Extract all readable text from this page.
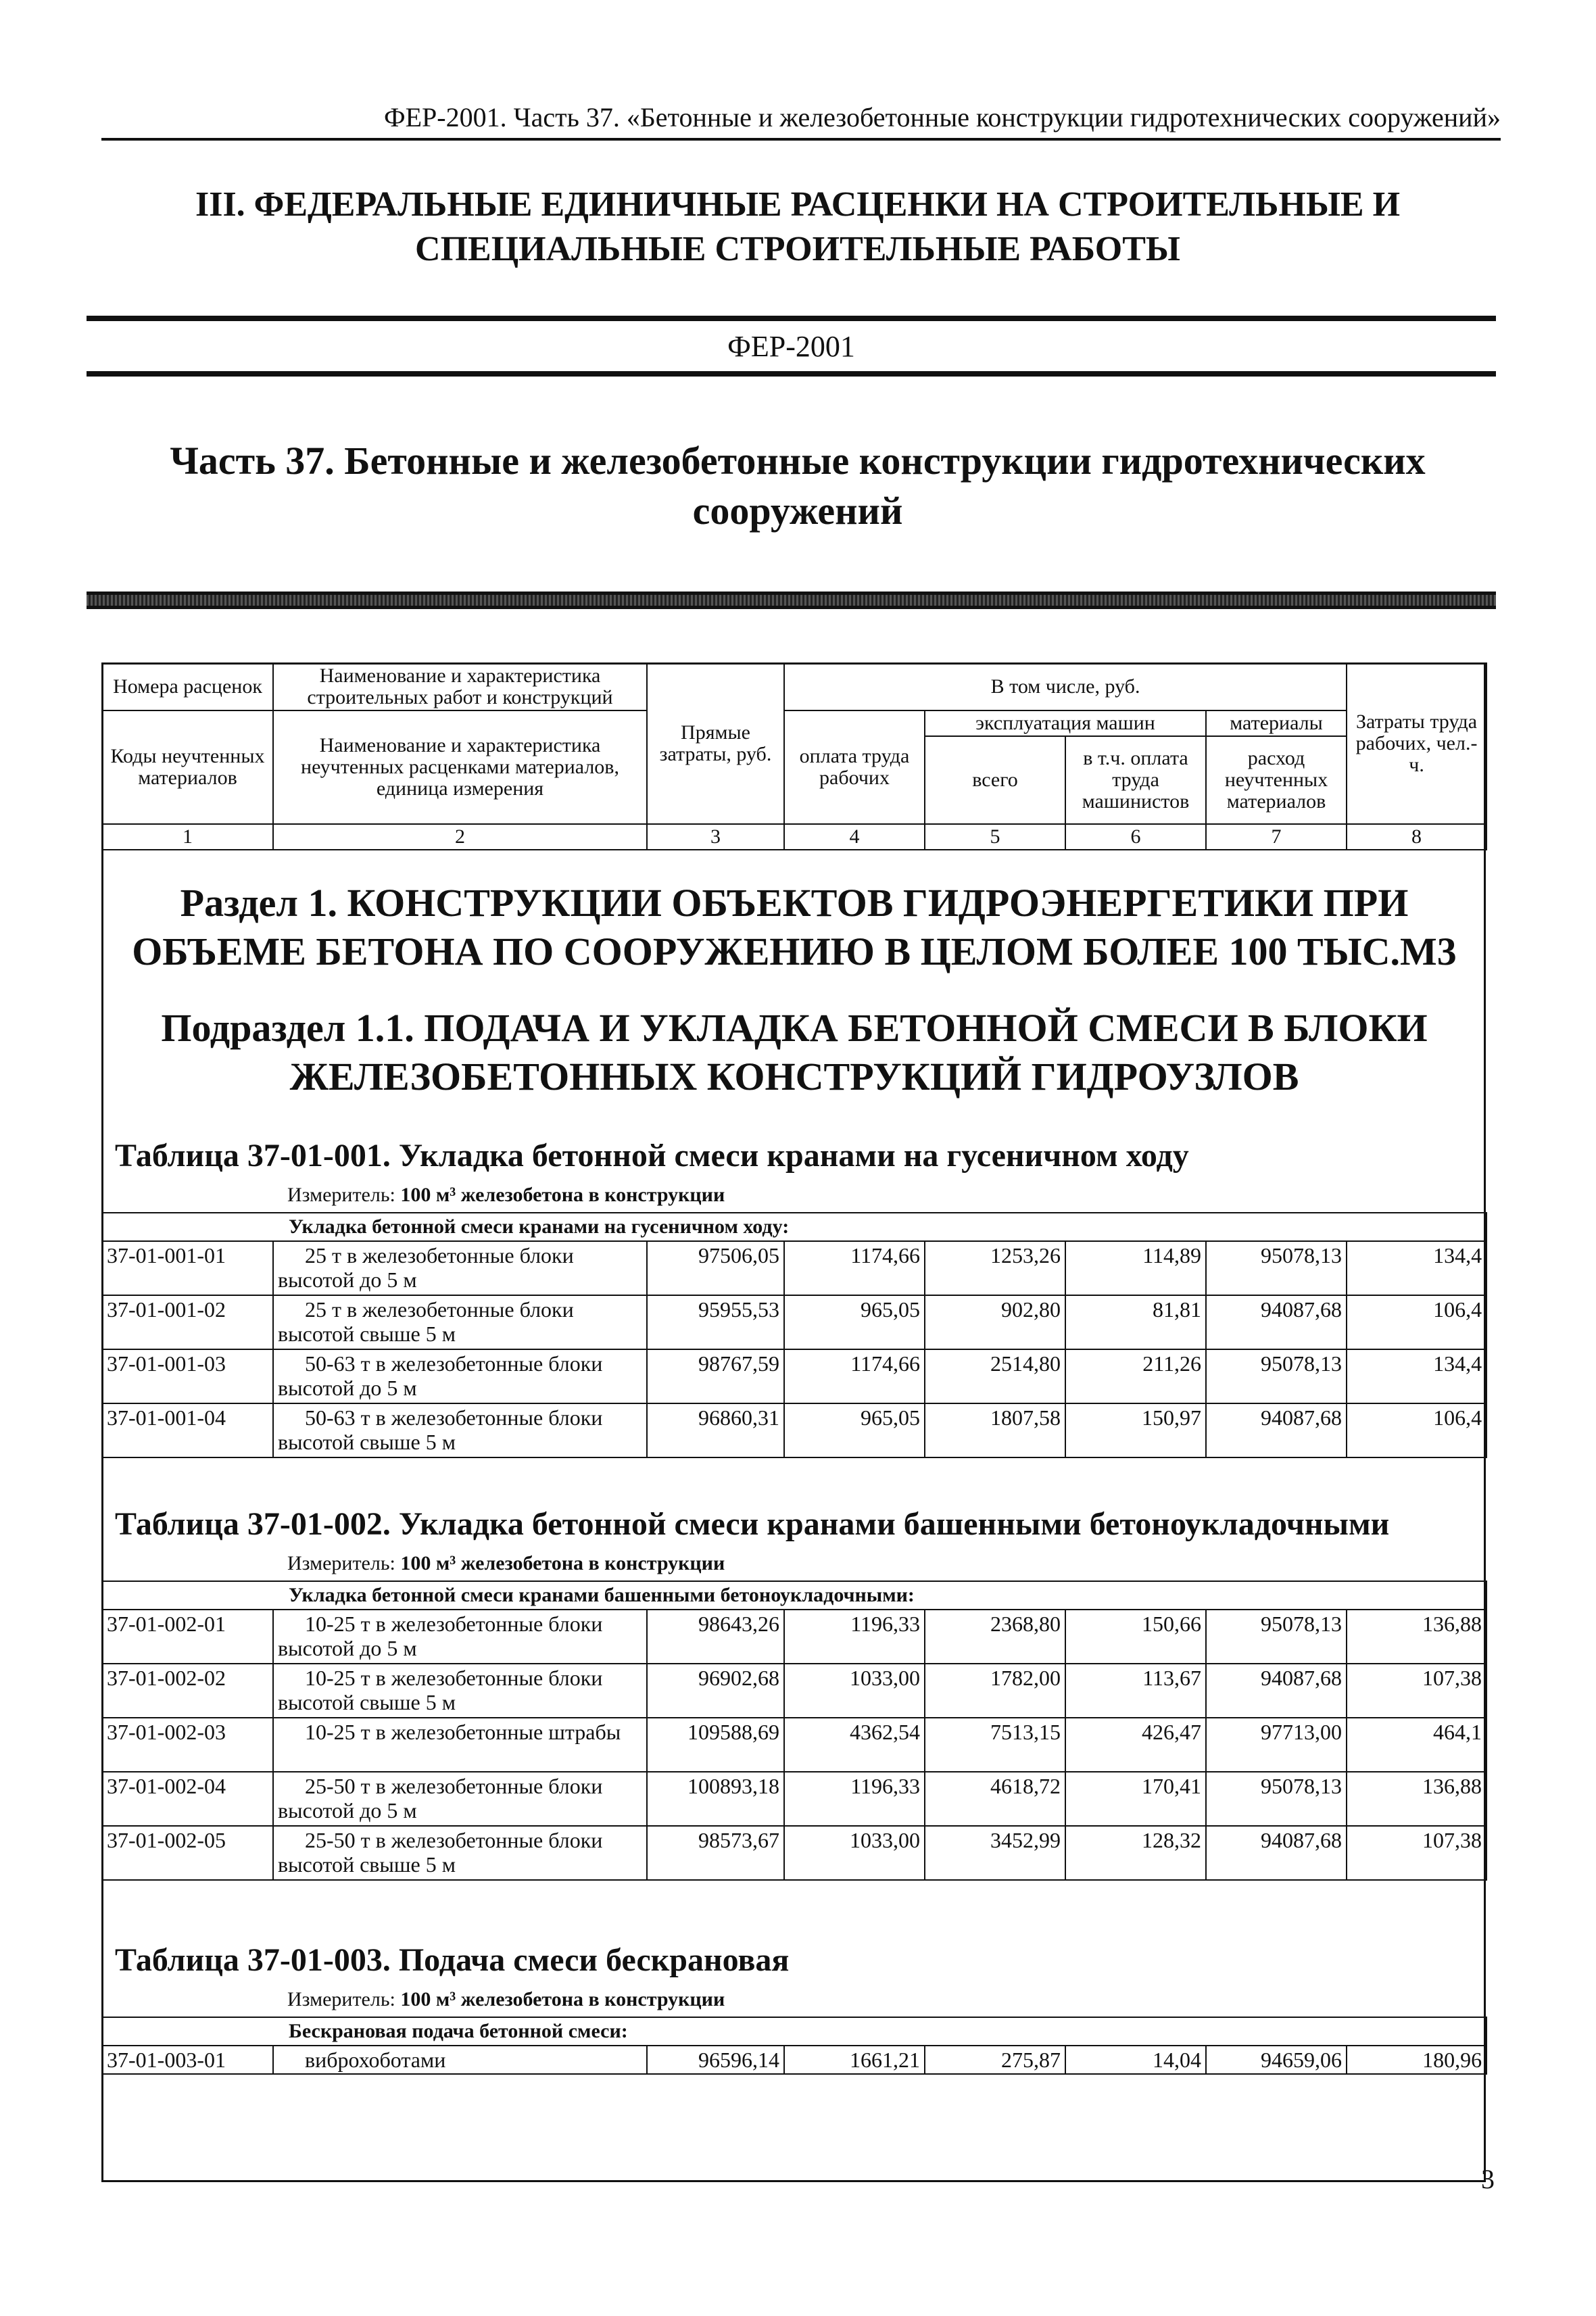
ФЕР-2001. Часть 37. «Бетонные и железобетонные конструкции гидротехнических сооружений»
III. ФЕДЕРАЛЬНЫЕ ЕДИНИЧНЫЕ РАСЦЕНКИ НА СТРОИТЕЛЬНЫЕ И
СПЕЦИАЛЬНЫЕ СТРОИТЕЛЬНЫЕ РАБОТЫ
ФЕР-2001
Часть 37. Бетонные и железобетонные конструкции гидротехнических
сооружений
Номера расценок	Наименование и характеристика строительных работ и конструкций	Прямые затраты, руб.	В том числе, руб.				Затраты труда рабочих, чел.-ч.
Коды неучтенных материалов	Наименование и характеристика неучтенных расценками материалов, единица измерения		оплата труда рабочих	эксплуатация машин		материалы	
				всего	в т.ч. оплата труда машинистов	расход неучтенных материалов	
1	2	3	4	5	6	7	8
Раздел 1. КОНСТРУКЦИИ ОБЪЕКТОВ ГИДРОЭНЕРГЕТИКИ ПРИ
ОБЪЕМЕ БЕТОНА ПО СООРУЖЕНИЮ В ЦЕЛОМ БОЛЕЕ 100 ТЫС.М3
Подраздел 1.1. ПОДАЧА И УКЛАДКА БЕТОННОЙ СМЕСИ В БЛОКИ
ЖЕЛЕЗОБЕТОННЫХ КОНСТРУКЦИЙ ГИДРОУЗЛОВ
Таблица 37-01-001. Укладка бетонной смеси кранами на гусеничном ходу
Измеритель: 100 м³ железобетона в конструкции
Укладка бетонной смеси кранами на гусеничном ходу:							
37-01-001-01	25 т в железобетонные блоки высотой до 5 м	97506,05	1174,66	1253,26	114,89	95078,13	134,4
37-01-001-02	25 т в железобетонные блоки высотой свыше 5 м	95955,53	965,05	902,80	81,81	94087,68	106,4
37-01-001-03	50-63 т в железобетонные блоки высотой до 5 м	98767,59	1174,66	2514,80	211,26	95078,13	134,4
37-01-001-04	50-63 т в железобетонные блоки высотой свыше 5 м	96860,31	965,05	1807,58	150,97	94087,68	106,4
Таблица 37-01-002. Укладка бетонной смеси кранами башенными бетоноукладочными
Измеритель: 100 м³ железобетона в конструкции
Укладка бетонной смеси кранами башенными бетоноукладочными:							
37-01-002-01	10-25 т в железобетонные блоки высотой до 5 м	98643,26	1196,33	2368,80	150,66	95078,13	136,88
37-01-002-02	10-25 т в железобетонные блоки высотой свыше 5 м	96902,68	1033,00	1782,00	113,67	94087,68	107,38
37-01-002-03	10-25 т в железобетонные штрабы	109588,69	4362,54	7513,15	426,47	97713,00	464,1
37-01-002-04	25-50 т в железобетонные блоки высотой до 5 м	100893,18	1196,33	4618,72	170,41	95078,13	136,88
37-01-002-05	25-50 т в железобетонные блоки высотой свыше 5 м	98573,67	1033,00	3452,99	128,32	94087,68	107,38
Таблица 37-01-003. Подача смеси бескрановая
Измеритель: 100 м³ железобетона в конструкции
Бескрановая подача бетонной смеси:
37-01-003-01	виброхоботами	96596,14	1661,21	275,87	14,04	94659,06	180,96
3
